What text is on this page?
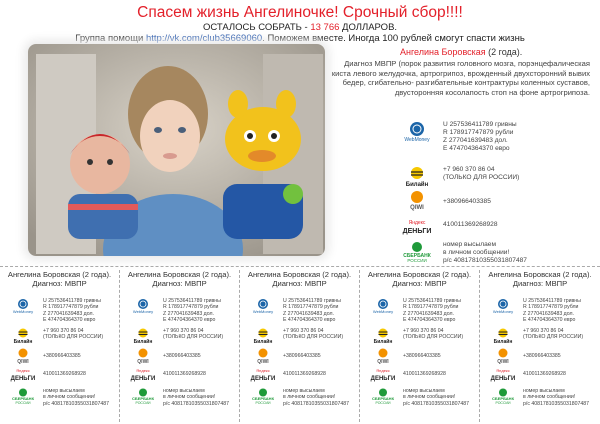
Спасем жизнь Ангелиночке! Срочный сбор!!!!
ОСТАЛОСЬ СОБРАТЬ - 13 766 ДОЛЛАРОВ.
Группа помощи http://vk.com/club35669060. Поможем вместе. Иногда 100 рублей смогут спасти жизнь
Ангелина Боровская (2 года).
Диагноз МВПР (порок развития головного мозга, порэнцефалическая киста левого желудочка, артрогрипоз, врожденный двухсторонний вывих бедер, сгибательно- разгибательные контрактуры коленных суставов, двусторонняя косолапость стоп на фоне артрогрипоза.
WebMoney
U 257536411789 гривны
R 178917747879 рубли
Z 277041639483 дол.
E 474704364370 евро
Билайн
+7 960 370 86 04
(ТОЛЬКО ДЛЯ РОССИИ)
QIWI
+380966403385
Яндекс
ДЕНЬГИ
410011369268928
СБЕРБАНК
РОССИИ
номер высылаем
в личном сообщении!
р/с 40817810355031807487
Ангелина Боровская (2 года).
Диагноз: МВПР
WebMoney
U 257536411789 гривны
R 178917747879 рубли
Z 277041639483 дол.
E 474704364370 евро
Билайн
+7 960 370 86 04
(ТОЛЬКО ДЛЯ РОССИИ)
QIWI
+380966403385
Яндекс
ДЕНЬГИ
410011369268928
СБЕРБАНК
РОССИИ
номер высылаем
в личном сообщении!
р/с 40817810355031807487
Ангелина Боровская (2 года).
Диагноз: МВПР
WebMoney
U 257536411789 гривны
R 178917747879 рубли
Z 277041639483 дол.
E 474704364370 евро
Билайн
+7 960 370 86 04
(ТОЛЬКО ДЛЯ РОССИИ)
QIWI
+380966403385
Яндекс
ДЕНЬГИ
410011369268928
СБЕРБАНК
РОССИИ
номер высылаем
в личном сообщении!
р/с 40817810355031807487
Ангелина Боровская (2 года).
Диагноз: МВПР
WebMoney
U 257536411789 гривны
R 178917747879 рубли
Z 277041639483 дол.
E 474704364370 евро
Билайн
+7 960 370 86 04
(ТОЛЬКО ДЛЯ РОССИИ)
QIWI
+380966403385
Яндекс
ДЕНЬГИ
410011369268928
СБЕРБАНК
РОССИИ
номер высылаем
в личном сообщении!
р/с 40817810355031807487
Ангелина Боровская (2 года).
Диагноз: МВПР
WebMoney
U 257536411789 гривны
R 178917747879 рубли
Z 277041639483 дол.
E 474704364370 евро
Билайн
+7 960 370 86 04
(ТОЛЬКО ДЛЯ РОССИИ)
QIWI
+380966403385
Яндекс
ДЕНЬГИ
410011369268928
СБЕРБАНК
РОССИИ
номер высылаем
в личном сообщении!
р/с 40817810355031807487
Ангелина Боровская (2 года).
Диагноз: МВПР
WebMoney
U 257536411789 гривны
R 178917747879 рубли
Z 277041639483 дол.
E 474704364370 евро
Билайн
+7 960 370 86 04
(ТОЛЬКО ДЛЯ РОССИИ)
QIWI
+380966403385
Яндекс
ДЕНЬГИ
410011369268928
СБЕРБАНК
РОССИИ
номер высылаем
в личном сообщении!
р/с 40817810355031807487
